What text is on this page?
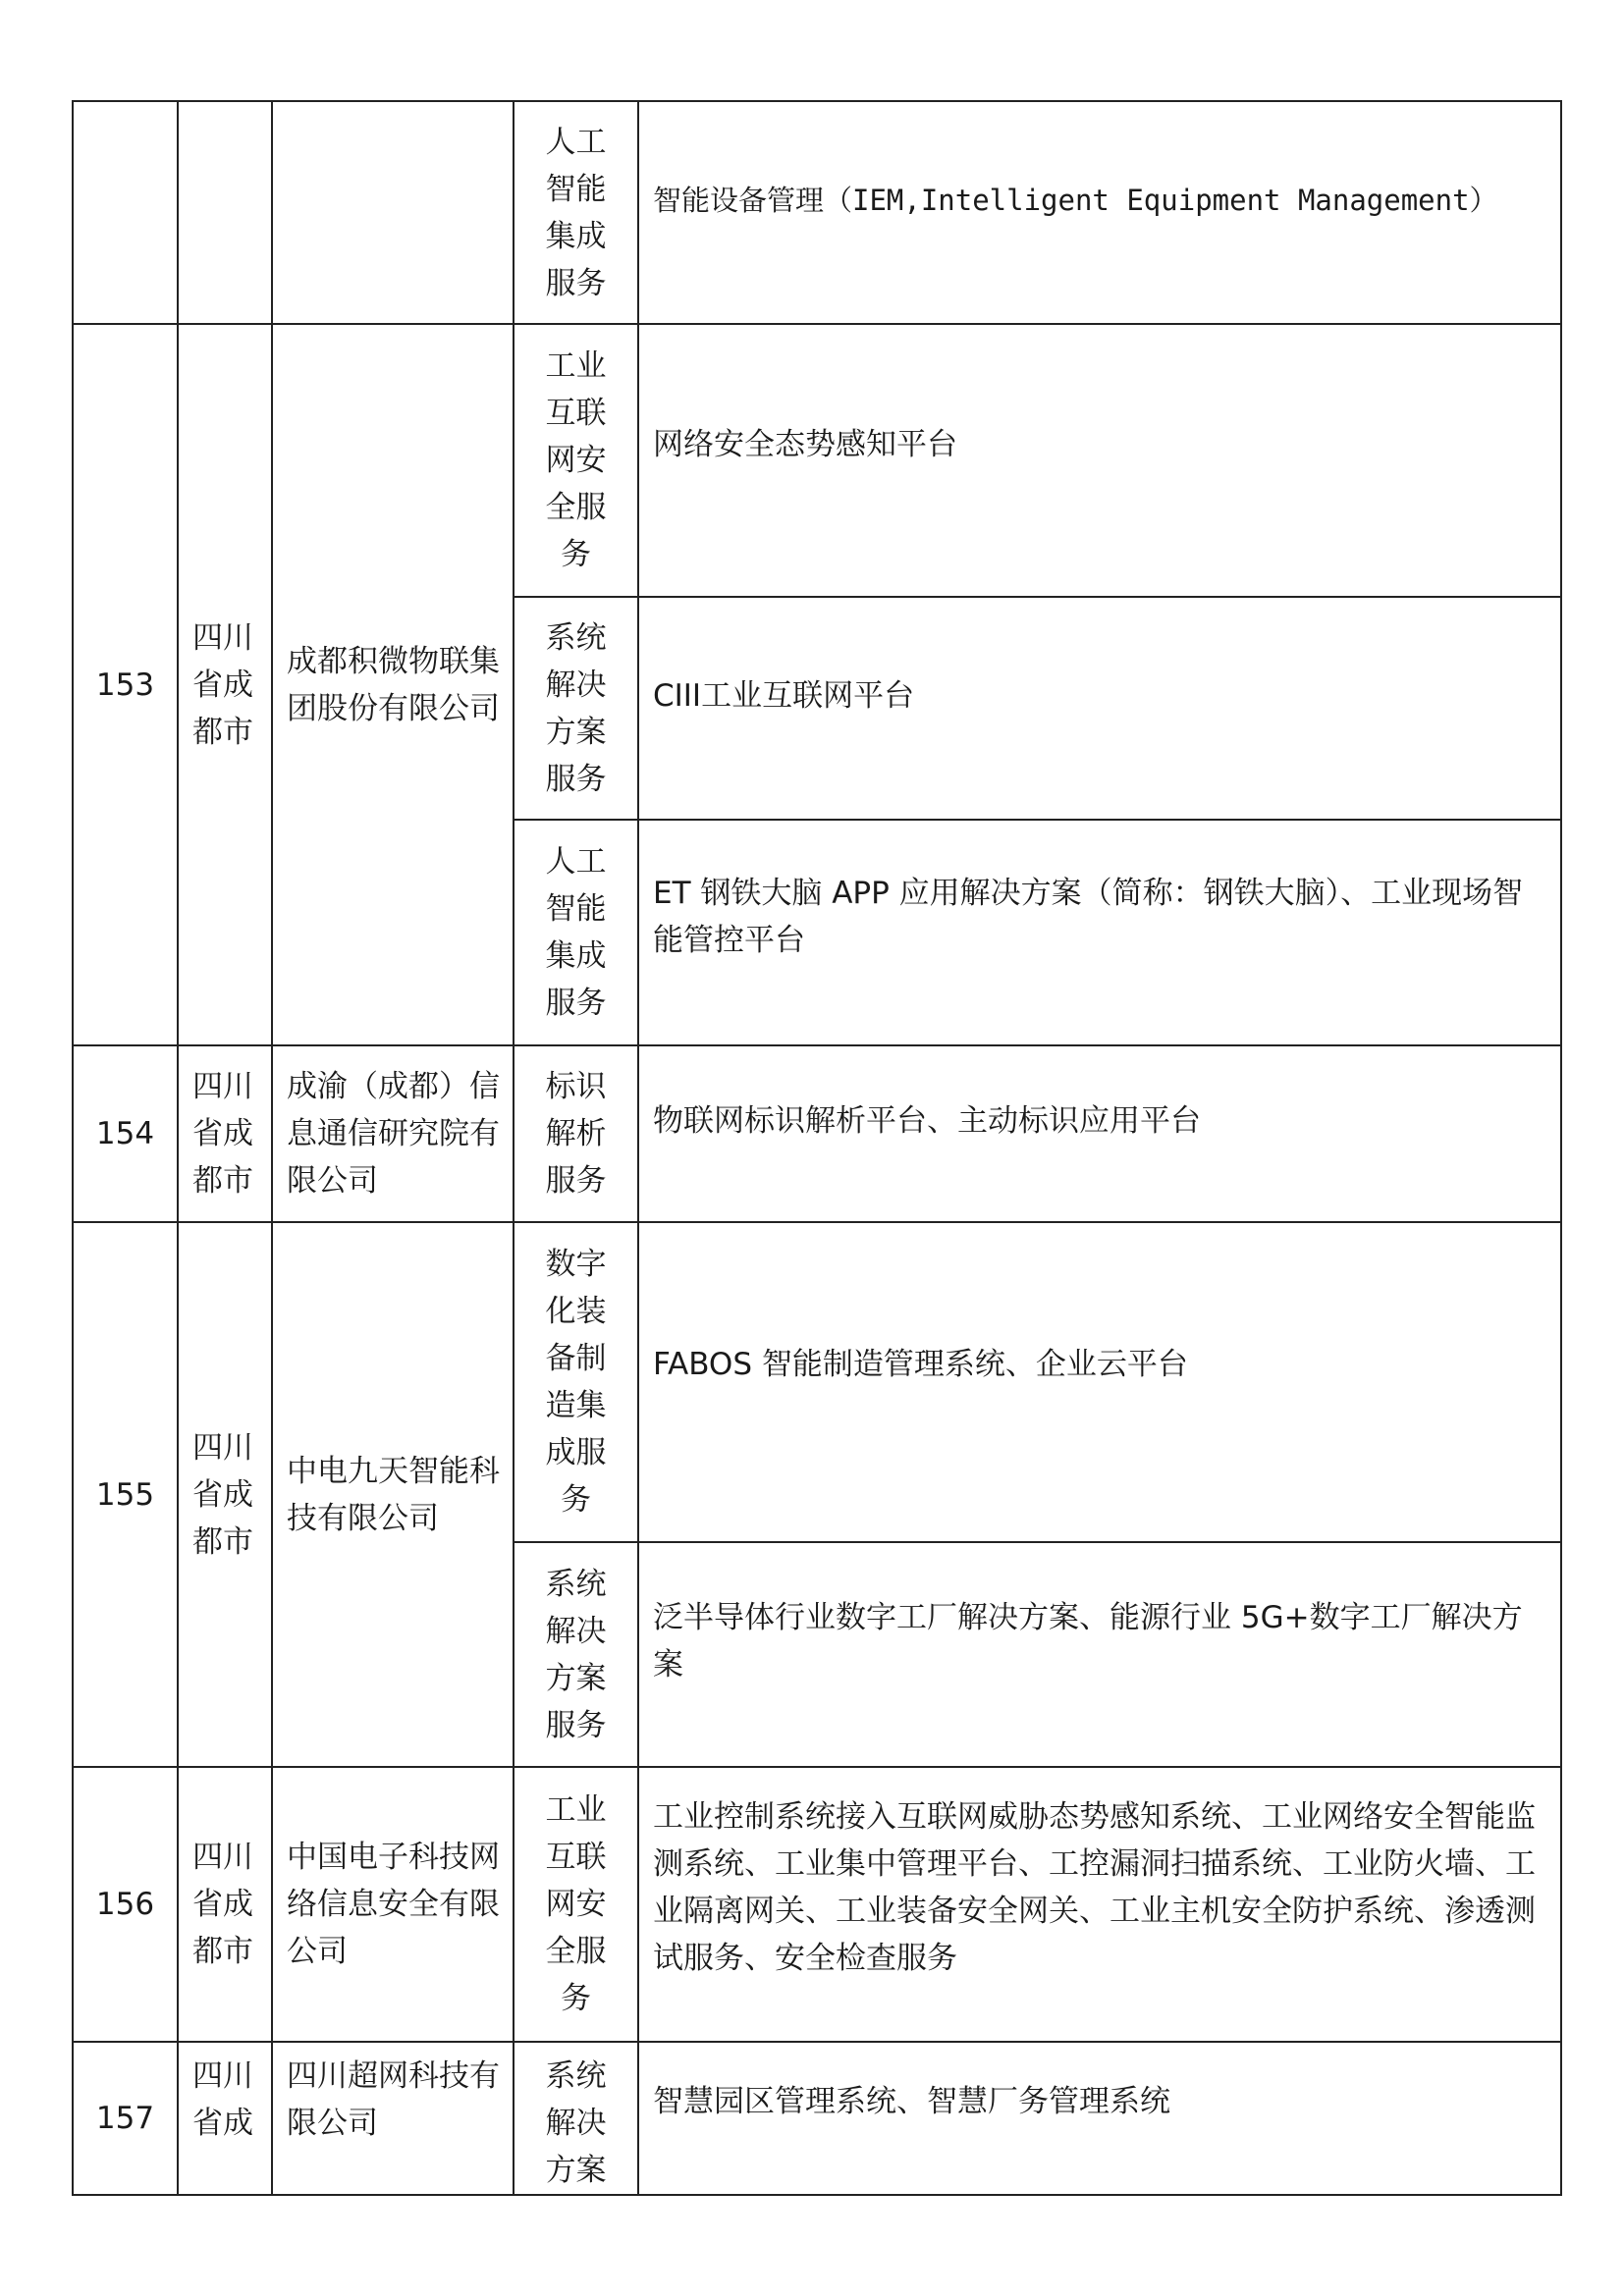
			人工智能集成服务	智能设备管理（IEM,Intelligent Equipment Management）

153	四川省成都市	成都积微物联集团股份有限公司	工业互联网安全服务	网络安全态势感知平台

			系统解决方案服务	CIII工业互联网平台

			人工智能集成服务	ET 钢铁大脑 APP 应用解决方案（简称：钢铁大脑）、工业现场智能管控平台

154	四川省成都市	成渝（成都）信息通信研究院有限公司	标识解析服务	物联网标识解析平台、主动标识应用平台

155	四川省成都市	中电九天智能科技有限公司	数字化装备制造集成服务	FABOS 智能制造管理系统、企业云平台

			系统解决方案服务	泛半导体行业数字工厂解决方案、能源行业 5G+数字工厂解决方案

156	四川省成都市	中国电子科技网络信息安全有限公司	工业互联网安全服务	工业控制系统接入互联网威胁态势感知系统、工业网络安全智能监测系统、工业集中管理平台、工控漏洞扫描系统、工业防火墙、工业隔离网关、工业装备安全网关、工业主机安全防护系统、渗透测试服务、安全检查服务

157	四川省成	四川超网科技有限公司	系统解决方案	智慧园区管理系统、智慧厂务管理系统
